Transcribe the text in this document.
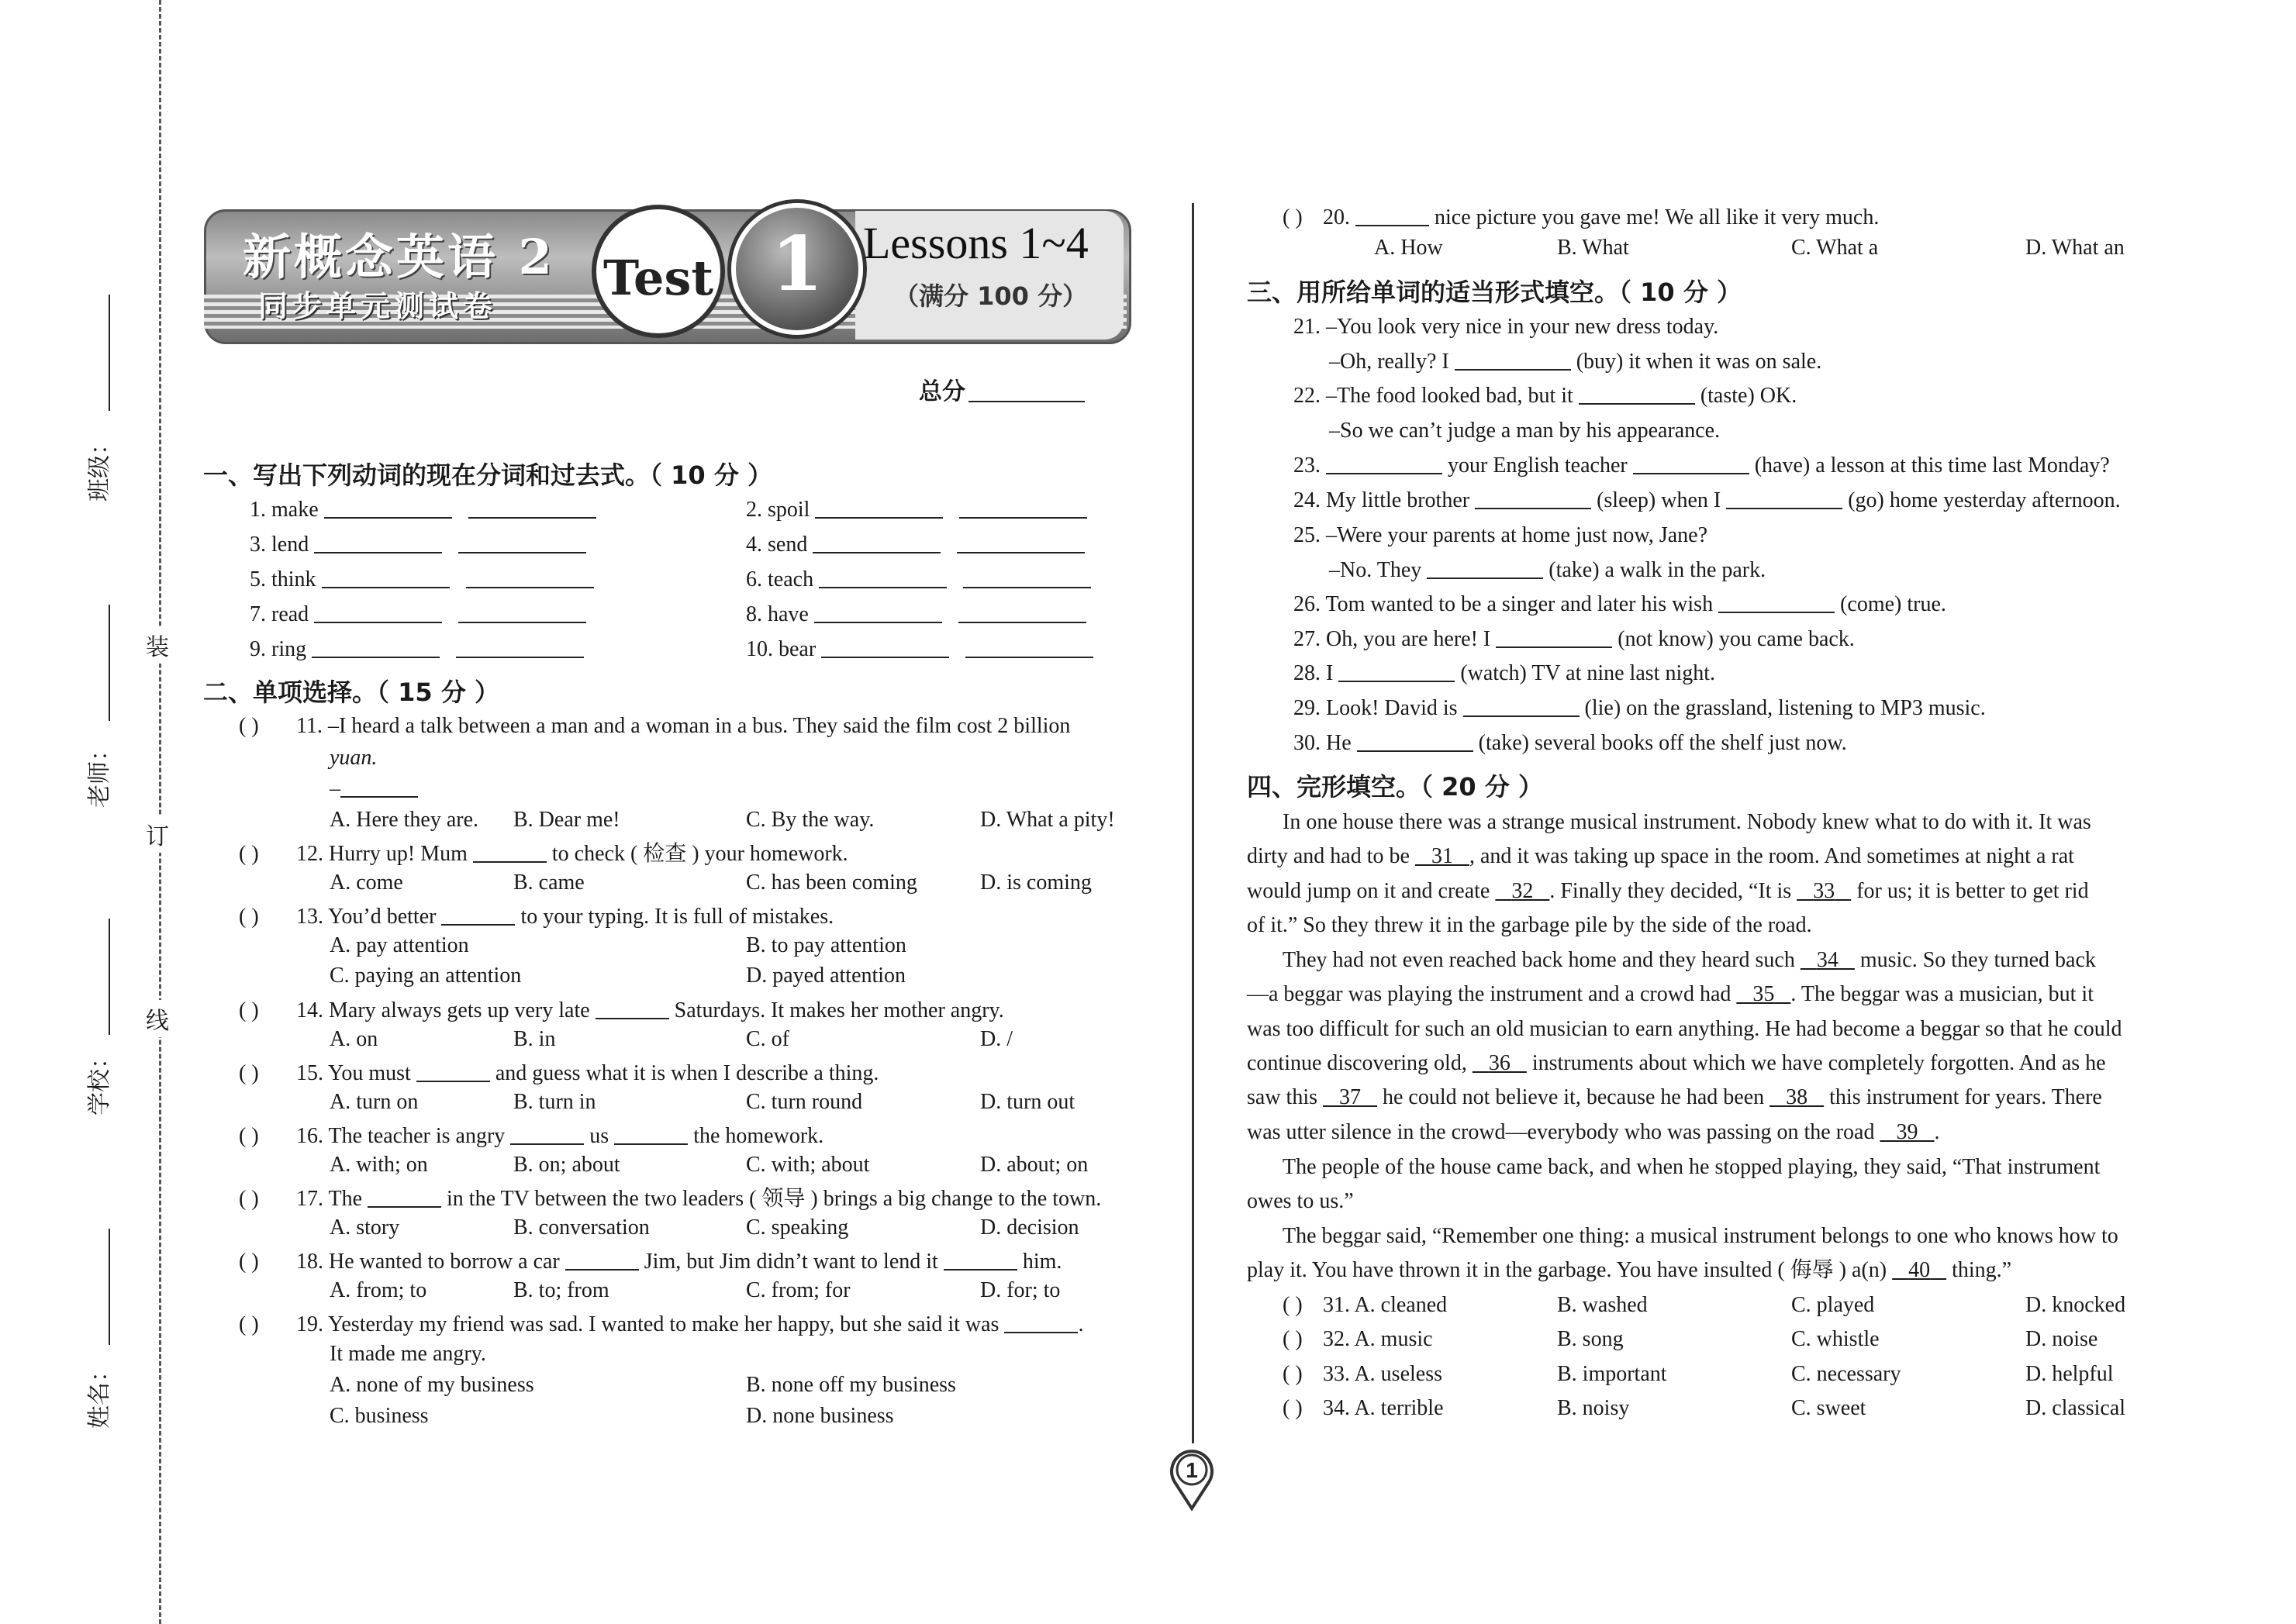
班级：
老师：
学校：
姓名：
装
订
线
新概念英语 2
同步单元测试卷 Test 1 Lessons 1~4
（满分 100 分）
总分
一、写出下列动词的现在分词和过去式。（ 10 分 ）
1. make	2. spoil
3. lend	4. send
5. think	6. teach
7. read	8. have
9. ring	10. bear
二、单项选择。（ 15 分 ）
( ) 11. –I heard a talk between a man and a woman in a bus. They said the film cost 2 billion
yuan.
–
A. Here they are. B. Dear me!	C. By the way.	D. What a pity!
( ) 12. Hurry up! Mum	to check ( 检查 ) your homework.
A. come	B. came	C. has been coming	D. is coming
( ) 13. You’d better	to your typing. It is full of mistakes.
A. pay attention	B. to pay attention
C. paying an attention	D. payed attention
( ) 14. Mary always gets up very late	Saturdays. It makes her mother angry.
A. on	B. in	C. of	D. /
( ) 15. You must	and guess what it is when I describe a thing.
A. turn on	B. turn in	C. turn round	D. turn out
( ) 16. The teacher is angry	us	the homework.
A. with; on	B. on; about	C. with; about	D. about; on
( ) 17. The	in the TV between the two leaders ( 领导 ) brings a big change to the town.
A. story	B. conversation	C. speaking	D. decision
( ) 18. He wanted to borrow a car	Jim, but Jim didn’t want to lend it	him.
A. from; to	B. to; from	C. from; for	D. for; to
( ) 19. Yesterday my friend was sad. I wanted to make her happy, but she said it was	.
It made me angry.
A. none of my business	B. none off my business
C. business	D. none business
1
( ) 20.	nice picture you gave me! We all like it very much.
A. How	B. What	C. What a	D. What an
三、用所给单词的适当形式填空。（ 10 分 ）
21. –You look very nice in your new dress today.
–Oh, really? I	(buy) it when it was on sale.
22. –The food looked bad, but it	(taste) OK.
–So we can’t judge a man by his appearance.
23.	your English teacher	(have) a lesson at this time last Monday?
24. My little brother	(sleep) when I	(go) home yesterday afternoon.
25. –Were your parents at home just now, Jane?
–No. They	(take) a walk in the park.
26. Tom wanted to be a singer and later his wish	(come) true.
27. Oh, you are here! I	(not know) you came back.
28. I	(watch) TV at nine last night.
29. Look! David is	(lie) on the grassland, listening to MP3 music.
30. He	(take) several books off the shelf just now.
四、完形填空。（ 20 分 ）
In one house there was a strange musical instrument. Nobody knew what to do with it. It was
dirty and had to be    31 , and it was taking up space in the room. And sometimes at night a rat
would jump on it and create    32 . Finally they decided, “It is    33    for us; it is better to get rid
of it.” So they threw it in the garbage pile by the side of the road.
They had not even reached back home and they heard such    34    music. So they turned back
—a beggar was playing the instrument and a crowd had    35 . The beggar was a musician, but it
was too difficult for such an old musician to earn anything. He had become a beggar so that he could
continue discovering old,    36    instruments about which we have completely forgotten. And as he
saw this    37    he could not believe it, because he had been    38    this instrument for years. There
was utter silence in the crowd—everybody who was passing on the road    39 .
The people of the house came back, and when he stopped playing, they said, “That instrument
owes to us.”
The beggar said, “Remember one thing: a musical instrument belongs to one who knows how to
play it. You have thrown it in the garbage. You have insulted ( 侮辱 ) a(n)    40    thing.”
( ) 31. A. cleaned	B. washed	C. played	D. knocked
( ) 32. A. music	B. song	C. whistle	D. noise
( ) 33. A. useless	B. important	C. necessary	D. helpful
( ) 34. A. terrible	B. noisy	C. sweet	D. classical
